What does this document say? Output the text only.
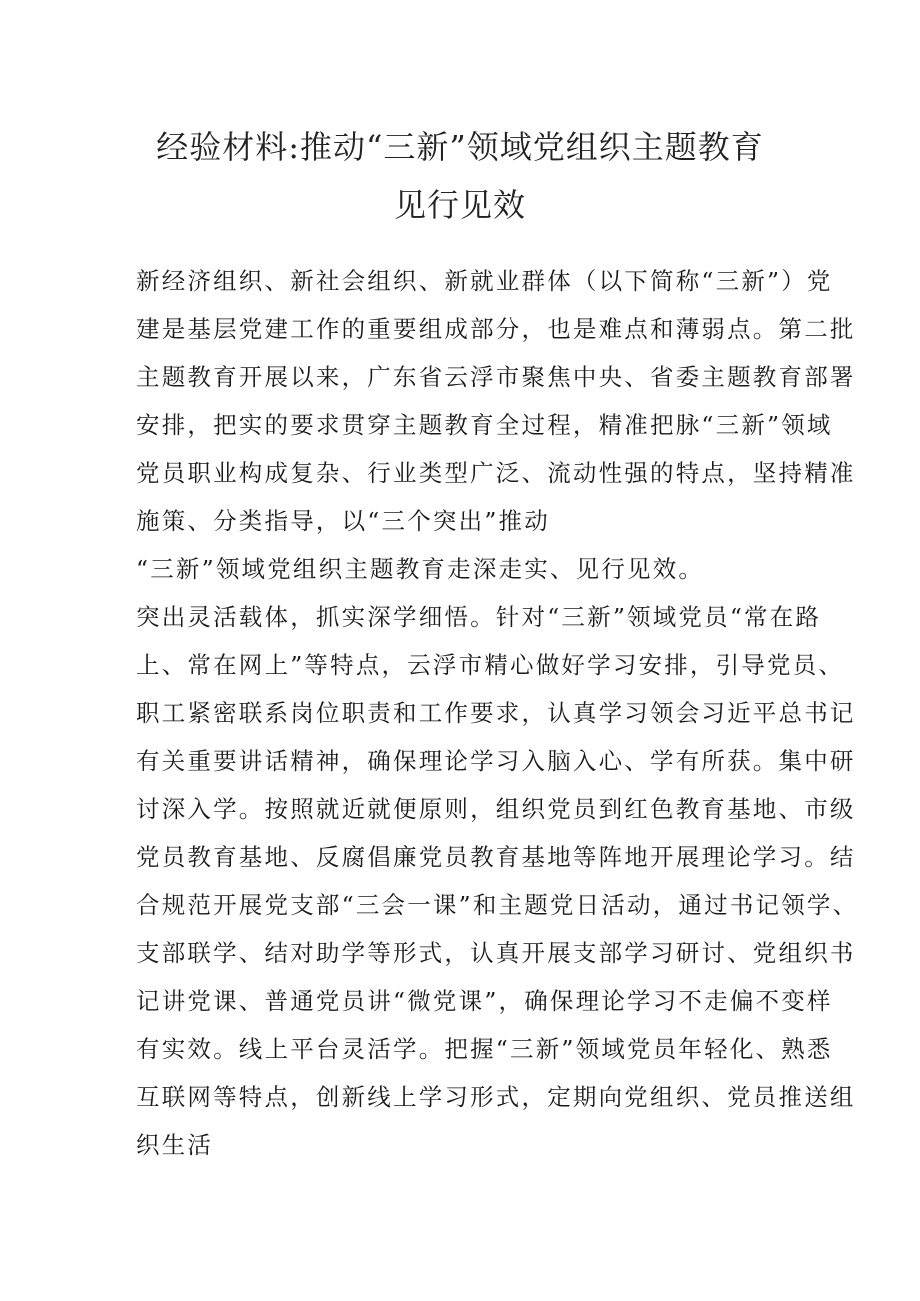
经验材料:推动“三新”领域党组织主题教育
见行见效
新经济组织、新社会组织、新就业群体（以下简称“三新”）党
建是基层党建工作的重要组成部分，也是难点和薄弱点。第二批
主题教育开展以来，广东省云浮市聚焦中央、省委主题教育部署
安排，把实的要求贯穿主题教育全过程，精准把脉“三新”领域
党员职业构成复杂、行业类型广泛、流动性强的特点，坚持精准
施策、分类指导，以“三个突出”推动
“三新”领域党组织主题教育走深走实、见行见效。
突出灵活载体，抓实深学细悟。针对“三新”领域党员“常在路
上、常在网上”等特点，云浮市精心做好学习安排，引导党员、
职工紧密联系岗位职责和工作要求，认真学习领会习近平总书记
有关重要讲话精神，确保理论学习入脑入心、学有所获。集中研
讨深入学。按照就近就便原则，组织党员到红色教育基地、市级
党员教育基地、反腐倡廉党员教育基地等阵地开展理论学习。结
合规范开展党支部“三会一课”和主题党日活动，通过书记领学、
支部联学、结对助学等形式，认真开展支部学习研讨、党组织书
记讲党课、普通党员讲“微党课”，确保理论学习不走偏不变样
有实效。线上平台灵活学。把握“三新”领域党员年轻化、熟悉
互联网等特点，创新线上学习形式，定期向党组织、党员推送组
织生活
